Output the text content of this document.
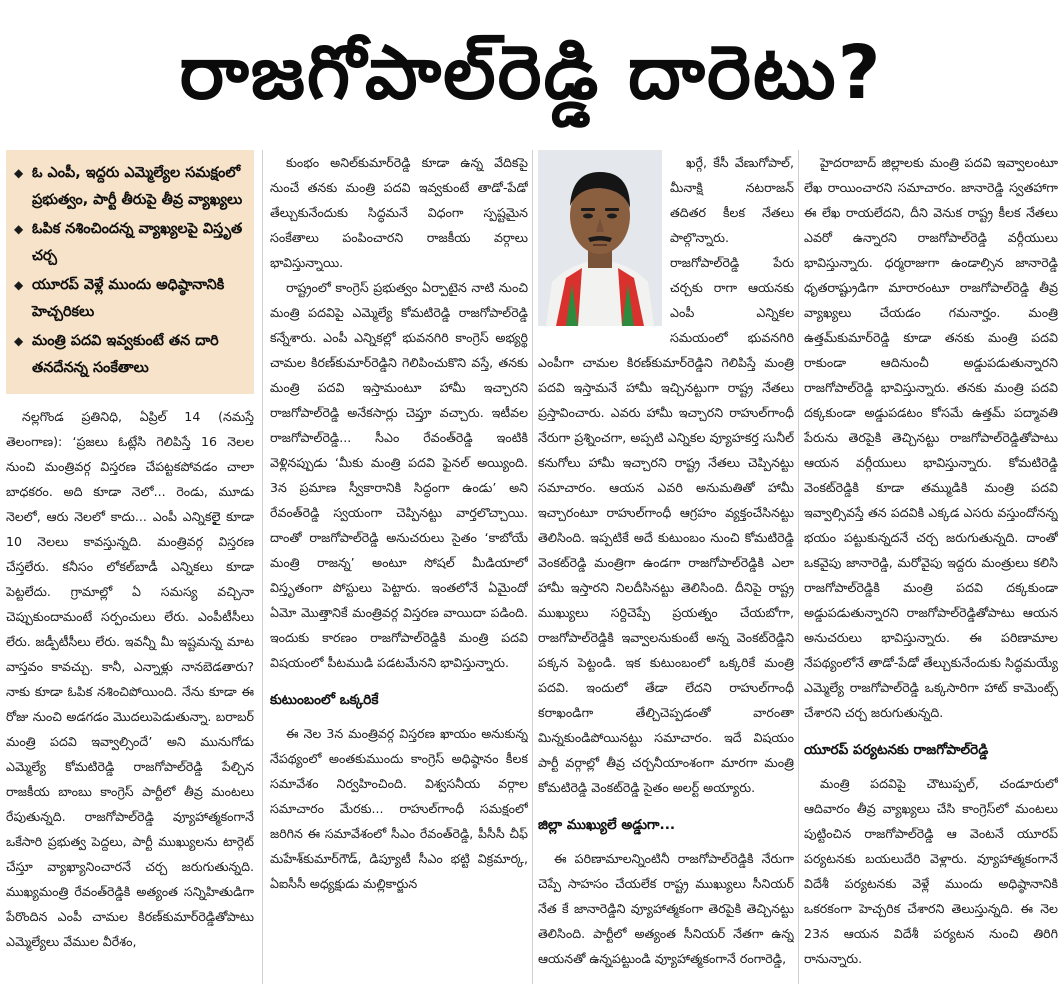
రాజగోపాల్‌రెడ్డి దారెటు?
◆ ఓ ఎంపీ, ఇద్దరు ఎమ్మెల్యేల సమక్షంలో ప్రభుత్వం, పార్టీ తీరుపై తీవ్ర వ్యాఖ్యలు
◆ ఓపిక నశించిందన్న వ్యాఖ్యలపై విస్తృత చర్చ
◆ యూరప్‌ వెళ్లే ముందు అధిష్ఠానానికి హెచ్చరికలు
◆ మంత్రి పదవి ఇవ్వకుంటే తన దారి తనదేనన్న సంకేతాలు

నల్లగొండ ప్రతినిధి, ఏప్రిల్ 14 (నమస్తే తెలంగాణ): ‘ప్రజలు ఓట్లేసి గెలిపిస్తే 16 నెలల నుంచి మంత్రివర్గ విస్తరణ చేపట్టకపోవడం చాలా బాధకరం. అది కూడా నెలో... రెండు, మూడు నెలలో, ఆరు నెలలో కాదు... ఎంపీ ఎన్నికలైై కూడా 10 నెలలు కావస్తున్నది. మంత్రివర్గ విస్తరణ చేస్తలేరు. కనీసం లోకల్‌బాడీ ఎన్నికలు కూడా పెట్టలేదు. గ్రామాల్లో ఏ సమస్య వచ్చినా చెప్పుకుందామంటే సర్పంచులు లేరు. ఎంపీటీసీలు లేరు. జడ్పీటీసీలు లేరు. ఇవన్నీ మీ ఇష్టమన్న మాట వాస్తవం కావచ్చు. కానీ, ఎన్నాళ్లు నానబెడతారు? నాకు కూడా ఓపిక నశించిపోయింది. నేను కూడా ఈ రోజు నుంచి అడగడం మొదలుపెడుతున్నా. బరాబర్ మంత్రి పదవి ఇవ్వాల్సిందే’ అని మునుగోడు ఎమ్మెల్యే కోమటిరెడ్డి రాజగోపాల్‌రెడ్డి పేల్చిన రాజకీయ బాంబు కాంగ్రెస్ పార్టీలో తీవ్ర మంటలు రేపుతున్నది. రాజగోపాల్‌రెడ్డి వ్యూహాత్మకంగానే ఒకేసారి ప్రభుత్వ పెద్దలు, పార్టీ ముఖ్యులను టార్గెట్ చేస్తూ వ్యాఖ్యానించారనే చర్చ జరుగుతున్నది. ముఖ్యమంత్రి రేవంత్‌రెడ్డికి అత్యంత సన్నిహితుడిగా పేరొందిన ఎంపీ చామల కిరణ్‌కుమార్‌రెడ్డితోపాటు ఎమ్మెల్యేలు వేముల వీరేశం,

కుంభం అనిల్‌కుమార్‌రెడ్డి కూడా ఉన్న వేదికపై నుంచే తనకు మంత్రి పదవి ఇవ్వకుంటే తాడో-పేడో తేల్చుకునేందుకు సిద్ధమనే విధంగా స్పష్టమైన సంకేతాలు పంపించారని రాజకీయ వర్గాలు భావిస్తున్నాయి.

రాష్ట్రంలో కాంగ్రెస్ ప్రభుత్వం ఏర్పాటైన నాటి నుంచి మంత్రి పదవిపై ఎమ్మెల్యే కోమటిరెడ్డి రాజగోపాల్‌రెడ్డి కన్నేశారు. ఎంపీ ఎన్నికల్లో భువనగిరి కాంగ్రెస్ అభ్యర్థి చామల కిరణ్‌కుమార్‌రెడ్డిని గెలిపించుకొని వస్తే, తనకు మంత్రి పదవి ఇస్తామంటూ హామీ ఇచ్చారని రాజగోపాల్‌రెడ్డి అనేకసార్లు చెప్తూ వచ్చారు. ఇటీవల రాజగోపాల్‌రెడ్డి... సీఎం రేవంత్‌రెడ్డి ఇంటికి వెళ్లినప్పుడు ‘మీకు మంత్రి పదవి ఫైనల్ అయ్యింది. 3న ప్రమాణ స్వీకారానికి సిద్ధంగా ఉండు’ అని రేవంత్‌రెడ్డి స్వయంగా చెప్పినట్టు వార్తలొచ్చాయి. దాంతో రాజగోపాల్‌రెడ్డి అనుచరులు సైతం ‘కాబోయే మంత్రి రాజన్న’ అంటూ సోషల్ మీడియాలో విస్తృతంగా పోస్టులు పెట్టారు. ఇంతలోనే ఏమైందో ఏమో మొత్తానికే మంత్రివర్గ విస్తరణ వాయిదా పడింది. ఇందుకు కారణం రాజగోపాల్‌రెడ్డికి మంత్రి పదవి విషయంలో పీటముడి పడటమేనని భావిస్తున్నారు.

కుటుంబంలో ఒక్కరికే

ఈ నెల 3న మంత్రివర్గ విస్తరణ ఖాయం అనుకున్న నేపథ్యంలో అంతకుముందు కాంగ్రెస్ అధిష్ఠానం కీలక సమావేశం నిర్వహించింది. విశ్వసనీయ వర్గాల సమాచారం మేరకు... రాహుల్‌గాంధీ సమక్షంలో జరిగిన ఈ సమావేశంలో సీఎం రేవంత్‌రెడ్డి, పీసీసీ చీఫ్ మహేశ్‌కుమార్‌గౌడ్, డిప్యూటీ సీఎం భట్టి విక్రమార్క, ఏఐసీసీ అధ్యక్షుడు మల్లికార్జున

ఖర్గే, కేసీ వేణుగోపాల్, మీనాక్షి నటరాజన్ తదితర కీలక నేతలు పాల్గొన్నారు. రాజగోపాల్‌రెడ్డి పేరు చర్చకు రాగా ఆయనకు ఎంపీ ఎన్నికల సమయంలో భువనగిరి ఎంపీగా చామల కిరణ్‌కుమార్‌రెడ్డిని గెలిపిస్తే మంత్రి పదవి ఇస్తామనే హామీ ఇచ్చినట్టుగా రాష్ట్ర నేతలు ప్రస్తావించారు. ఎవరు హామీ ఇచ్చారని రాహుల్‌గాంధీ నేరుగా ప్రశ్నించగా, అప్పటి ఎన్నికల వ్యూహకర్త సునీల్ కనుగోలు హామీ ఇచ్చారని రాష్ట్ర నేతలు చెప్పినట్టు సమాచారం. ఆయన ఎవరి అనుమతితో హామీ ఇచ్చారంటూ రాహుల్‌గాంధీ ఆగ్రహం వ్యక్తంచేసినట్టు తెలిసింది. ఇప్పటికే అదే కుటుంబం నుంచి కోమటిరెడ్డి వెంకట్‌రెడ్డి మంత్రిగా ఉండగా రాజగోపాల్‌రెడ్డికి ఎలా హామీ ఇస్తారని నిలదీసినట్టు తెలిసింది. దీనిపై రాష్ట్ర ముఖ్యులు సర్దిచెప్పే ప్రయత్నం చేయబోగా, రాజగోపాల్‌రెడ్డికి ఇవ్వాలనుకుంటే అన్న వెంకట్‌రెడ్డిని పక్కన పెట్టండి. ఇక కుటుంబంలో ఒక్కరికే మంత్రి పదవి. ఇందులో తేడా లేదని రాహుల్‌గాంధీ కరాఖండిగా తేల్చిచెప్పడంతో వారంతా మిన్నకుండిపోయినట్టు సమాచారం. ఇదే విషయం పార్టీ వర్గాల్లో తీవ్ర చర్చనీయాంశంగా మారగా మంత్రి కోమటిరెడ్డి వెంకట్‌రెడ్డి సైతం అలర్ట్ అయ్యారు.

జిల్లా ముఖ్యులే అడ్డుగా...

ఈ పరిణామాలన్నింటినీ రాజగోపాల్‌రెడ్డికి నేరుగా చెప్పే సాహసం చేయలేక రాష్ట్ర ముఖ్యులు సీనియర్ నేత కే జానారెడ్డిని వ్యూహాత్మకంగా తెరపైకి తెచ్చినట్టు తెలిసింది. పార్టీలో అత్యంత సీనియర్ నేతగా ఉన్న ఆయనతో ఉన్నపట్టుండి వ్యూహాత్మకంగానే రంగారెడ్డి,

హైదరాబాద్ జిల్లాలకు మంత్రి పదవి ఇవ్వాలంటూ లేఖ రాయించారని సమాచారం. జానారెడ్డి స్వతహాగా ఈ లేఖ రాయలేదని, దీని వెనుక రాష్ట్ర కీలక నేతలు ఎవరో ఉన్నారని రాజగోపాల్‌రెడ్డి వర్గీయులు భావిస్తున్నారు. ధర్మరాజుగా ఉండాల్సిన జానారెడ్డి ధృతరాష్ట్రుడిగా మారారంటూ రాజగోపాల్‌రెడ్డి తీవ్ర వ్యాఖ్యలు చేయడం గమనార్హం. మంత్రి ఉత్తమ్‌కుమార్‌రెడ్డి కూడా తనకు మంత్రి పదవి రాకుండా ఆదినుంచీ అడ్డుపడుతున్నారని రాజగోపాల్‌రెడ్డి భావిస్తున్నారు. తనకు మంత్రి పదవి దక్కకుండా అడ్డుపడటం కోసమే ఉత్తమ్ పద్మావతి పేరును తెరపైకి తెచ్చినట్టు రాజగోపాల్‌రెడ్డితోపాటు ఆయన వర్గీయులు భావిస్తున్నారు. కోమటిరెడ్డి వెంకట్‌రెడ్డికి కూడా తమ్ముడికి మంత్రి పదవి ఇవ్వాల్సివస్తే తన పదవికి ఎక్కడ ఎసరు వస్తుందోనన్న భయం పట్టుకున్నదనే చర్చ జరుగుతున్నది. దాంతో ఒకవైపు జానారెడ్డి, మరోవైపు ఇద్దరు మంత్రులు కలిసి రాజగోపాల్‌రెడ్డికి మంత్రి పదవి దక్కకుండా అడ్డుపడుతున్నారని రాజగోపాల్‌రెడ్డితోపాటు ఆయన అనుచరులు భావిస్తున్నారు. ఈ పరిణామాల నేపథ్యంలోనే తాడో-పేడో తేల్చుకునేందుకు సిద్ధమయ్యే ఎమ్మెల్యే రాజగోపాల్‌రెడ్డి ఒక్కసారిగా హాట్ కామెంట్స్ చేశారని చర్చ జరుగుతున్నది.

యూరప్ పర్యటనకు రాజగోపాల్‌రెడ్డి

మంత్రి పదవిపై చౌటుప్పల్, చండూరులో ఆదివారం తీవ్ర వ్యాఖ్యలు చేసి కాంగ్రెస్‌లో మంటలు పుట్టించిన రాజగోపాల్‌రెడ్డి ఆ వెంటనే యూరప్ పర్యటనకు బయలుదేరి వెళ్లారు. వ్యూహాత్మకంగానే విదేశీ పర్యటనకు వెళ్లే ముందు అధిష్ఠానానికి ఒకరకంగా హెచ్చరిక చేశారని తెలుస్తున్నది. ఈ నెల 23న ఆయన విదేశీ పర్యటన నుంచి తిరిగి రానున్నారు.
